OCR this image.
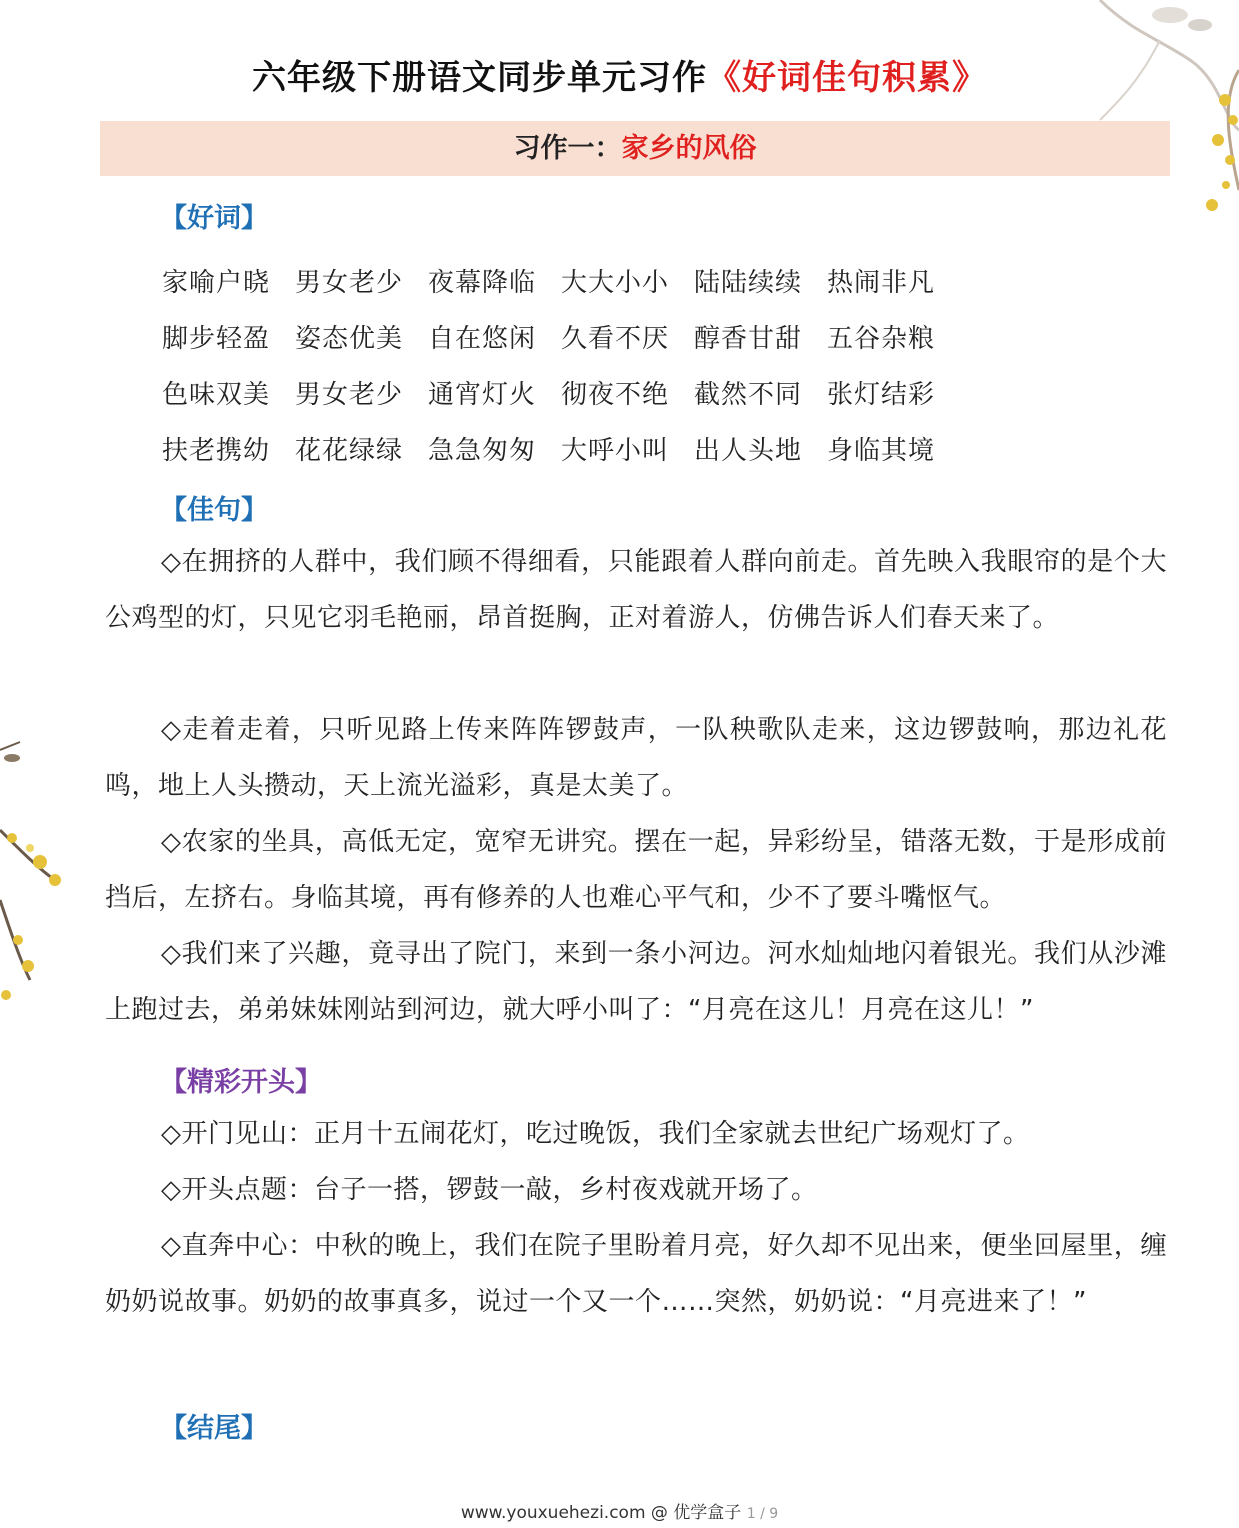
六年级下册语文同步单元习作《好词佳句积累》
习作一：家乡的风俗
【好词】
家喻户晓 男女老少 夜幕降临 大大小小 陆陆续续 热闹非凡
脚步轻盈 姿态优美 自在悠闲 久看不厌 醇香甘甜 五谷杂粮
色味双美 男女老少 通宵灯火 彻夜不绝 截然不同 张灯结彩
扶老携幼 花花绿绿 急急匆匆 大呼小叫 出人头地 身临其境
【佳句】
◇在拥挤的人群中，我们顾不得细看，只能跟着人群向前走。首先映入我眼帘的是个大公鸡型的灯，只见它羽毛艳丽，昂首挺胸，正对着游人，仿佛告诉人们春天来了。
◇走着走着，只听见路上传来阵阵锣鼓声，一队秧歌队走来，这边锣鼓响，那边礼花鸣，地上人头攒动，天上流光溢彩，真是太美了。
◇农家的坐具，高低无定，宽窄无讲究。摆在一起，异彩纷呈，错落无数，于是形成前挡后，左挤右。身临其境，再有修养的人也难心平气和，少不了要斗嘴怄气。
◇我们来了兴趣，竟寻出了院门，来到一条小河边。河水灿灿地闪着银光。我们从沙滩上跑过去，弟弟妹妹刚站到河边，就大呼小叫了：“月亮在这儿！月亮在这儿！”
【精彩开头】
◇开门见山：正月十五闹花灯，吃过晚饭，我们全家就去世纪广场观灯了。
◇开头点题：台子一搭，锣鼓一敲，乡村夜戏就开场了。
◇直奔中心：中秋的晚上，我们在院子里盼着月亮，好久却不见出来，便坐回屋里，缠奶奶说故事。奶奶的故事真多，说过一个又一个……突然，奶奶说：“月亮进来了！”
【结尾】
www.youxuehezi.com @ 优学盒子 1 / 9
